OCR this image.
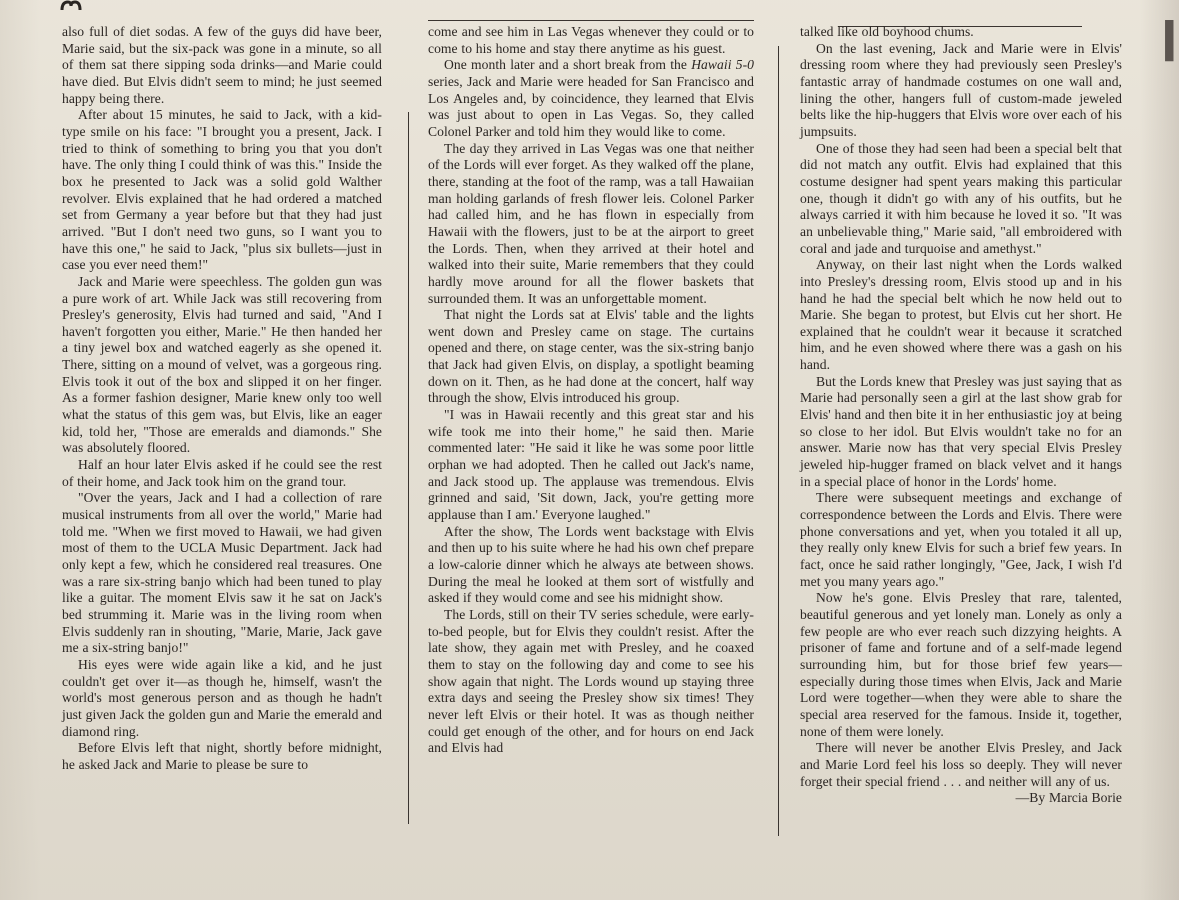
also full of diet sodas. A few of the guys did have beer, Marie said, but the six-pack was gone in a minute, so all of them sat there sipping soda drinks—and Marie could have died. But Elvis didn't seem to mind; he just seemed happy being there.

After about 15 minutes, he said to Jack, with a kid-type smile on his face: "I brought you a present, Jack. I tried to think of something to bring you that you don't have. The only thing I could think of was this." Inside the box he presented to Jack was a solid gold Walther revolver. Elvis explained that he had ordered a matched set from Germany a year before but that they had just arrived. "But I don't need two guns, so I want you to have this one," he said to Jack, "plus six bullets—just in case you ever need them!"

Jack and Marie were speechless. The golden gun was a pure work of art. While Jack was still recovering from Presley's generosity, Elvis had turned and said, "And I haven't forgotten you either, Marie." He then handed her a tiny jewel box and watched eagerly as she opened it. There, sitting on a mound of velvet, was a gorgeous ring. Elvis took it out of the box and slipped it on her finger. As a former fashion designer, Marie knew only too well what the status of this gem was, but Elvis, like an eager kid, told her, "Those are emeralds and diamonds." She was absolutely floored.

Half an hour later Elvis asked if he could see the rest of their home, and Jack took him on the grand tour.

"Over the years, Jack and I had a collection of rare musical instruments from all over the world," Marie had told me. "When we first moved to Hawaii, we had given most of them to the UCLA Music Department. Jack had only kept a few, which he considered real treasures. One was a rare six-string banjo which had been tuned to play like a guitar. The moment Elvis saw it he sat on Jack's bed strumming it. Marie was in the living room when Elvis suddenly ran in shouting, "Marie, Marie, Jack gave me a six-string banjo!"

His eyes were wide again like a kid, and he just couldn't get over it—as though he, himself, wasn't the world's most generous person and as though he hadn't just given Jack the golden gun and Marie the emerald and diamond ring.

Before Elvis left that night, shortly before midnight, he asked Jack and Marie to please be sure to

come and see him in Las Vegas whenever they could or to come to his home and stay there anytime as his guest.

One month later and a short break from the Hawaii 5-0 series, Jack and Marie were headed for San Francisco and Los Angeles and, by coincidence, they learned that Elvis was just about to open in Las Vegas. So, they called Colonel Parker and told him they would like to come.

The day they arrived in Las Vegas was one that neither of the Lords will ever forget. As they walked off the plane, there, standing at the foot of the ramp, was a tall Hawaiian man holding garlands of fresh flower leis. Colonel Parker had called him, and he has flown in especially from Hawaii with the flowers, just to be at the airport to greet the Lords. Then, when they arrived at their hotel and walked into their suite, Marie remembers that they could hardly move around for all the flower baskets that surrounded them. It was an unforgettable moment.

That night the Lords sat at Elvis' table and the lights went down and Presley came on stage. The curtains opened and there, on stage center, was the six-string banjo that Jack had given Elvis, on display, a spotlight beaming down on it. Then, as he had done at the concert, half way through the show, Elvis introduced his group.

"I was in Hawaii recently and this great star and his wife took me into their home," he said then. Marie commented later: "He said it like he was some poor little orphan we had adopted. Then he called out Jack's name, and Jack stood up. The applause was tremendous. Elvis grinned and said, 'Sit down, Jack, you're getting more applause than I am.' Everyone laughed."

After the show, The Lords went backstage with Elvis and then up to his suite where he had his own chef prepare a low-calorie dinner which he always ate between shows. During the meal he looked at them sort of wistfully and asked if they would come and see his midnight show.

The Lords, still on their TV series schedule, were early-to-bed people, but for Elvis they couldn't resist. After the late show, they again met with Presley, and he coaxed them to stay on the following day and come to see his show again that night. The Lords wound up staying three extra days and seeing the Presley show six times! They never left Elvis or their hotel. It was as though neither could get enough of the other, and for hours on end Jack and Elvis had

talked like old boyhood chums.

On the last evening, Jack and Marie were in Elvis' dressing room where they had previously seen Presley's fantastic array of handmade costumes on one wall and, lining the other, hangers full of custom-made jeweled belts like the hip-huggers that Elvis wore over each of his jumpsuits.

One of those they had seen had been a special belt that did not match any outfit. Elvis had explained that this costume designer had spent years making this particular one, though it didn't go with any of his outfits, but he always carried it with him because he loved it so. "It was an unbelievable thing," Marie said, "all embroidered with coral and jade and turquoise and amethyst."

Anyway, on their last night when the Lords walked into Presley's dressing room, Elvis stood up and in his hand he had the special belt which he now held out to Marie. She began to protest, but Elvis cut her short. He explained that he couldn't wear it because it scratched him, and he even showed where there was a gash on his hand.

But the Lords knew that Presley was just saying that as Marie had personally seen a girl at the last show grab for Elvis' hand and then bite it in her enthusiastic joy at being so close to her idol. But Elvis wouldn't take no for an answer. Marie now has that very special Elvis Presley jeweled hip-hugger framed on black velvet and it hangs in a special place of honor in the Lords' home.

There were subsequent meetings and exchange of correspondence between the Lords and Elvis. There were phone conversations and yet, when you totaled it all up, they really only knew Elvis for such a brief few years. In fact, once he said rather longingly, "Gee, Jack, I wish I'd met you many years ago."

Now he's gone. Elvis Presley that rare, talented, beautiful generous and yet lonely man. Lonely as only a few people are who ever reach such dizzying heights. A prisoner of fame and fortune and of a self-made legend surrounding him, but for those brief few years—especially during those times when Elvis, Jack and Marie Lord were together—when they were able to share the special area reserved for the famous. Inside it, together, none of them were lonely.

There will never be another Elvis Presley, and Jack and Marie Lord feel his loss so deeply. They will never forget their special friend . . . and neither will any of us.
—By Marcia Borie

▐
